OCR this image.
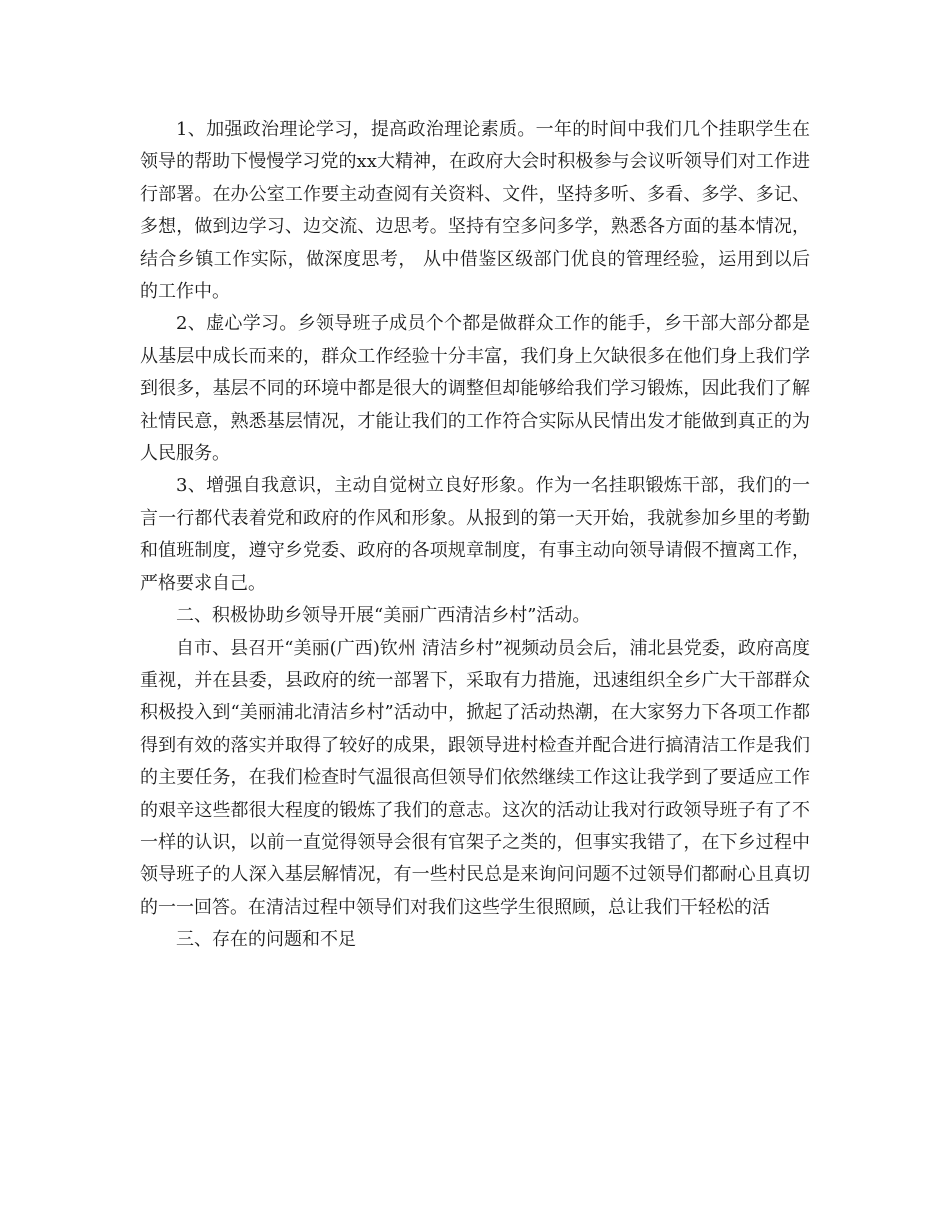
1、加强政治理论学习，提高政治理论素质。一年的时间中我们几个挂职学生在领导的帮助下慢慢学习党的xx大精神，在政府大会时积极参与会议听领导们对工作进行部署。在办公室工作要主动查阅有关资料、文件，坚持多听、多看、多学、多记、多想，做到边学习、边交流、边思考。坚持有空多问多学，熟悉各方面的基本情况，结合乡镇工作实际，做深度思考， 从中借鉴区级部门优良的管理经验，运用到以后的工作中。

2、虚心学习。乡领导班子成员个个都是做群众工作的能手，乡干部大部分都是从基层中成长而来的，群众工作经验十分丰富，我们身上欠缺很多在他们身上我们学到很多，基层不同的环境中都是很大的调整但却能够给我们学习锻炼，因此我们了解社情民意，熟悉基层情况，才能让我们的工作符合实际从民情出发才能做到真正的为人民服务。

3、增强自我意识，主动自觉树立良好形象。作为一名挂职锻炼干部，我们的一言一行都代表着党和政府的作风和形象。从报到的第一天开始，我就参加乡里的考勤和值班制度，遵守乡党委、政府的各项规章制度，有事主动向领导请假不擅离工作，严格要求自己。

二、积极协助乡领导开展“美丽广西清洁乡村”活动。

自市、县召开“美丽(广西)钦州 清洁乡村”视频动员会后，浦北县党委，政府高度重视，并在县委，县政府的统一部署下，采取有力措施，迅速组织全乡广大干部群众积极投入到“美丽浦北清洁乡村”活动中，掀起了活动热潮，在大家努力下各项工作都得到有效的落实并取得了较好的成果，跟领导进村检查并配合进行搞清洁工作是我们的主要任务，在我们检查时气温很高但领导们依然继续工作这让我学到了要适应工作的艰辛这些都很大程度的锻炼了我们的意志。这次的活动让我对行政领导班子有了不一样的认识，以前一直觉得领导会很有官架子之类的，但事实我错了，在下乡过程中领导班子的人深入基层解情况，有一些村民总是来询问问题不过领导们都耐心且真切的一一回答。在清洁过程中领导们对我们这些学生很照顾，总让我们干轻松的活

三、存在的问题和不足
